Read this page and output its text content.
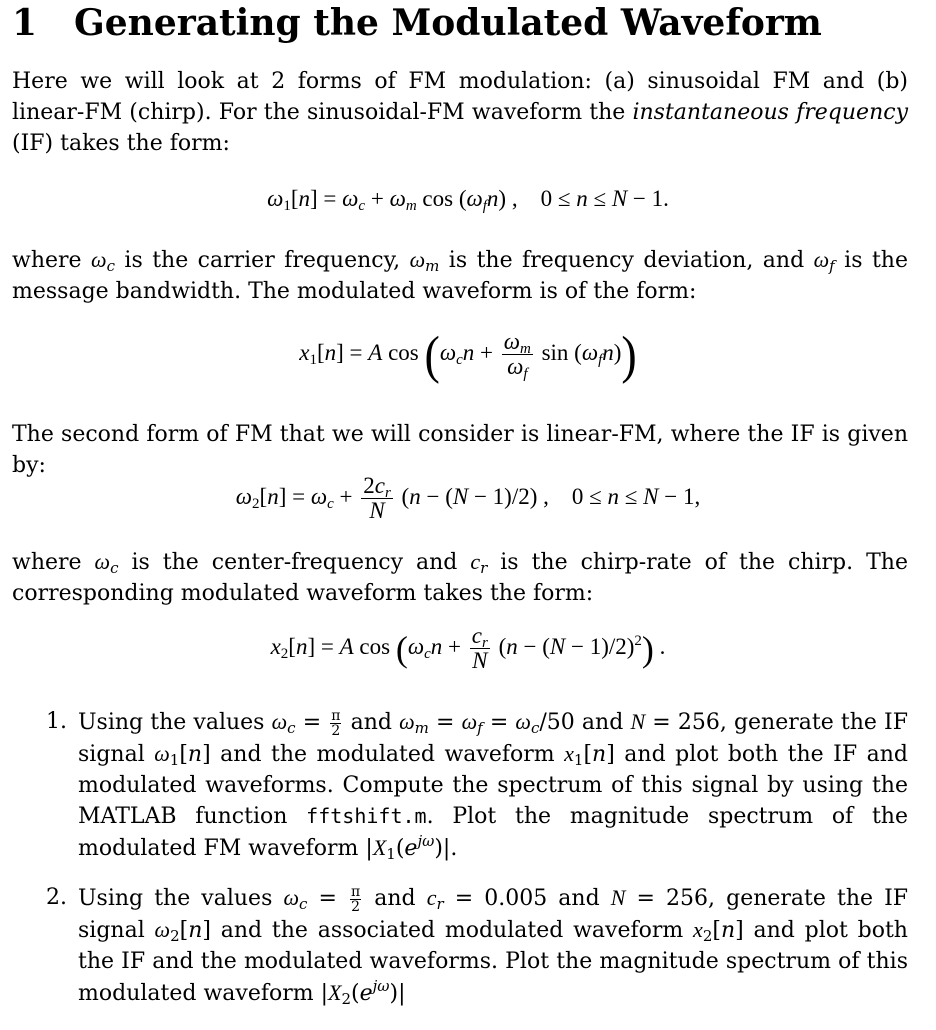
1 Generating the Modulated Waveform

Here we will look at 2 forms of FM modulation: (a) sinusoidal FM and (b) linear-FM (chirp). For the sinusoidal-FM waveform the instantaneous frequency (IF) takes the form:

$\omega_1[n] = \omega_c + \omega_m$ $\cos (\omega_fn)$ ,    0 ≤ n ≤ N − 1.

where $\omega_c$ is the carrier frequency, $\omega_m$ is the frequency deviation, and $\omega_f$ is the message bandwidth. The modulated waveform is of the form:

$x_1[n] = A$ $\cos (\omega_cn + \frac{\omega_m}{\omega_f}$ $\sin (\omega_fn)$)

The second form of FM that we will consider is linear-FM, where the IF is given by:

$\omega_2[n] = \omega_c + \frac{2c_r}{N} (n - (N - 1)/2)$ ,    0 ≤ n ≤ N − 1,

where $\omega_c$ is the center-frequency and $c_r$ is the chirp-rate of the chirp. The corresponding modulated waveform takes the form:

$x_2[n] = A$ $\cos (\omega_cn + \frac{c_r}{N} (n - (N - 1)/2)^2)$ .
1. Using the values $\omega_c = \frac{\pi}{2}$ and $\omega_m = \omega_f = \omega_c/50$ and N = 256, generate the IF signal $\omega_1[n]$ and the modulated waveform $x_1[n]$ and plot both the IF and modulated waveforms. Compute the spectrum of this signal by using the MATLAB function fftshift.m. Plot the magnitude spectrum of the modulated FM waveform $|X_1(e^{j\omega})|$.
2. Using the values $\omega_c = \frac{\pi}{2}$ and $c_r = 0.005$ and N = 256, generate the IF signal $\omega_2[n]$ and the associated modulated waveform $x_2[n]$ and plot both the IF and the modulated waveforms. Plot the magnitude spectrum of this modulated waveform $|X_2(e^{j\omega})|$
